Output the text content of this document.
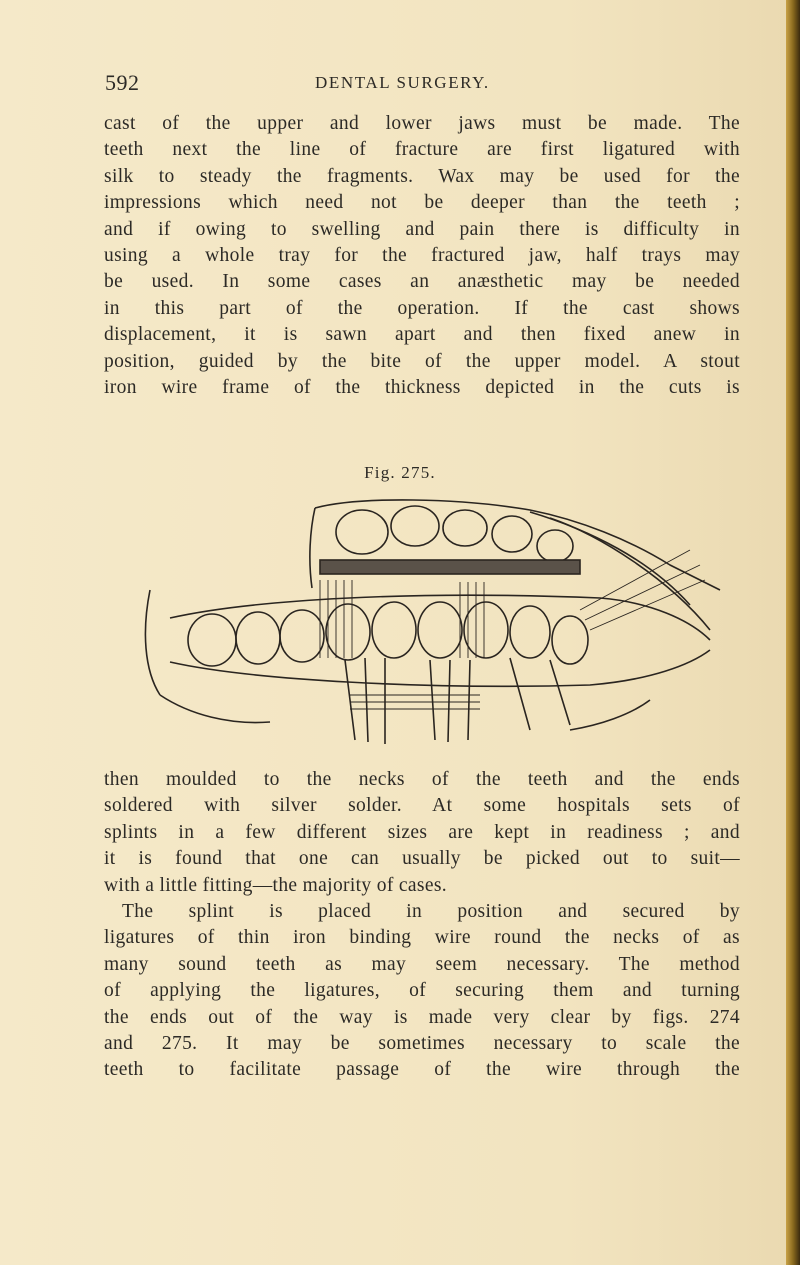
592	DENTAL SURGERY.
cast of the upper and lower jaws must be made. The
teeth next the line of fracture are first ligatured with
silk to steady the fragments. Wax may be used for the
impressions which need not be deeper than the teeth ;
and if owing to swelling and pain there is difficulty in
using a whole tray for the fractured jaw, half trays may
be used. In some cases an anæsthetic may be needed
in this part of the operation. If the cast shows
displacement, it is sawn apart and then fixed anew in
position, guided by the bite of the upper model. A stout
iron wire frame of the thickness depicted in the cuts is
Fig. 275.
then moulded to the necks of the teeth and the ends
soldered with silver solder. At some hospitals sets of
splints in a few different sizes are kept in readiness ; and
it is found that one can usually be picked out to suit—
with a little fitting—the majority of cases.
The splint is placed in position and secured by
ligatures of thin iron binding wire round the necks of as
many sound teeth as may seem necessary. The method
of applying the ligatures, of securing them and turning
the ends out of the way is made very clear by figs. 274
and 275. It may be sometimes necessary to scale the
teeth to facilitate passage of the wire through the
